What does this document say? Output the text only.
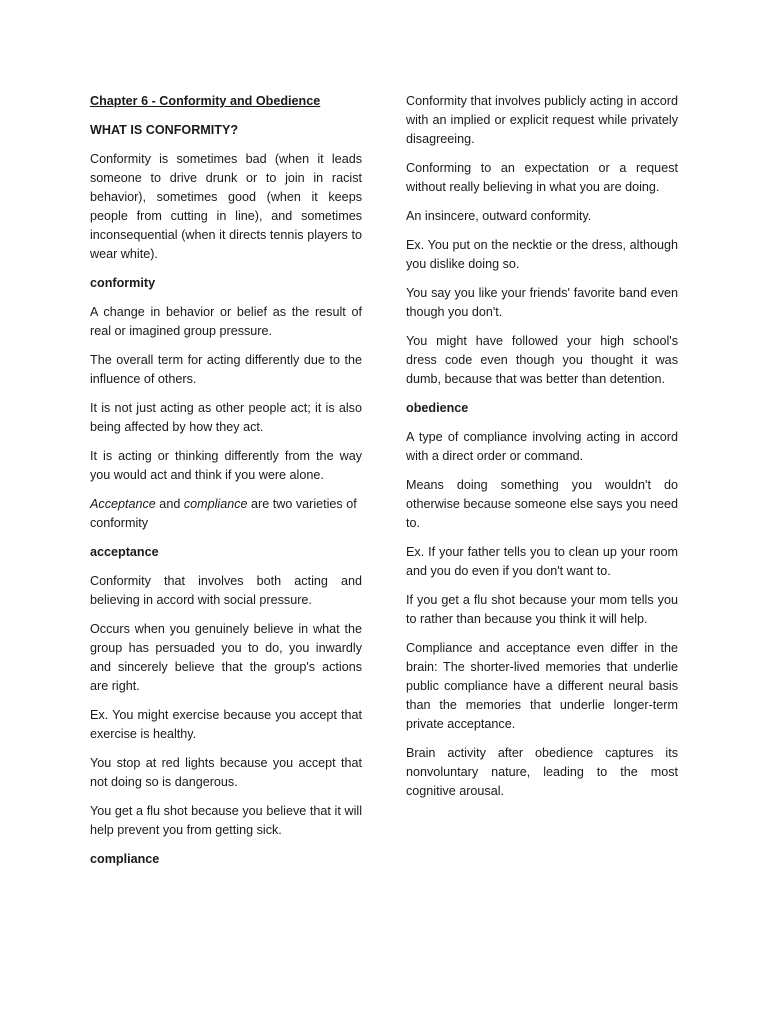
Chapter 6 - Conformity and Obedience

WHAT IS CONFORMITY?

Conformity is sometimes bad (when it leads someone to drive drunk or to join in racist behavior), sometimes good (when it keeps people from cutting in line), and sometimes inconsequential (when it directs tennis players to wear white).

conformity

A change in behavior or belief as the result of real or imagined group pressure.

The overall term for acting differently due to the influence of others.

It is not just acting as other people act; it is also being affected by how they act.

It is acting or thinking differently from the way you would act and think if you were alone.

Acceptance and compliance are two varieties of conformity

acceptance

Conformity that involves both acting and believing in accord with social pressure.

Occurs when you genuinely believe in what the group has persuaded you to do, you inwardly and sincerely believe that the group's actions are right.

Ex. You might exercise because you accept that exercise is healthy.

You stop at red lights because you accept that not doing so is dangerous.

You get a flu shot because you believe that it will help prevent you from getting sick.

compliance

Conformity that involves publicly acting in accord with an implied or explicit request while privately disagreeing.

Conforming to an expectation or a request without really believing in what you are doing.

An insincere, outward conformity.

Ex. You put on the necktie or the dress, although you dislike doing so.

You say you like your friends' favorite band even though you don't.

You might have followed your high school's dress code even though you thought it was dumb, because that was better than detention.

obedience

A type of compliance involving acting in accord with a direct order or command.

Means doing something you wouldn't do otherwise because someone else says you need to.

Ex. If your father tells you to clean up your room and you do even if you don't want to.

If you get a flu shot because your mom tells you to rather than because you think it will help.

Compliance and acceptance even differ in the brain: The shorter-lived memories that underlie public compliance have a different neural basis than the memories that underlie longer-term private acceptance.

Brain activity after obedience captures its nonvoluntary nature, leading to the most cognitive arousal.
